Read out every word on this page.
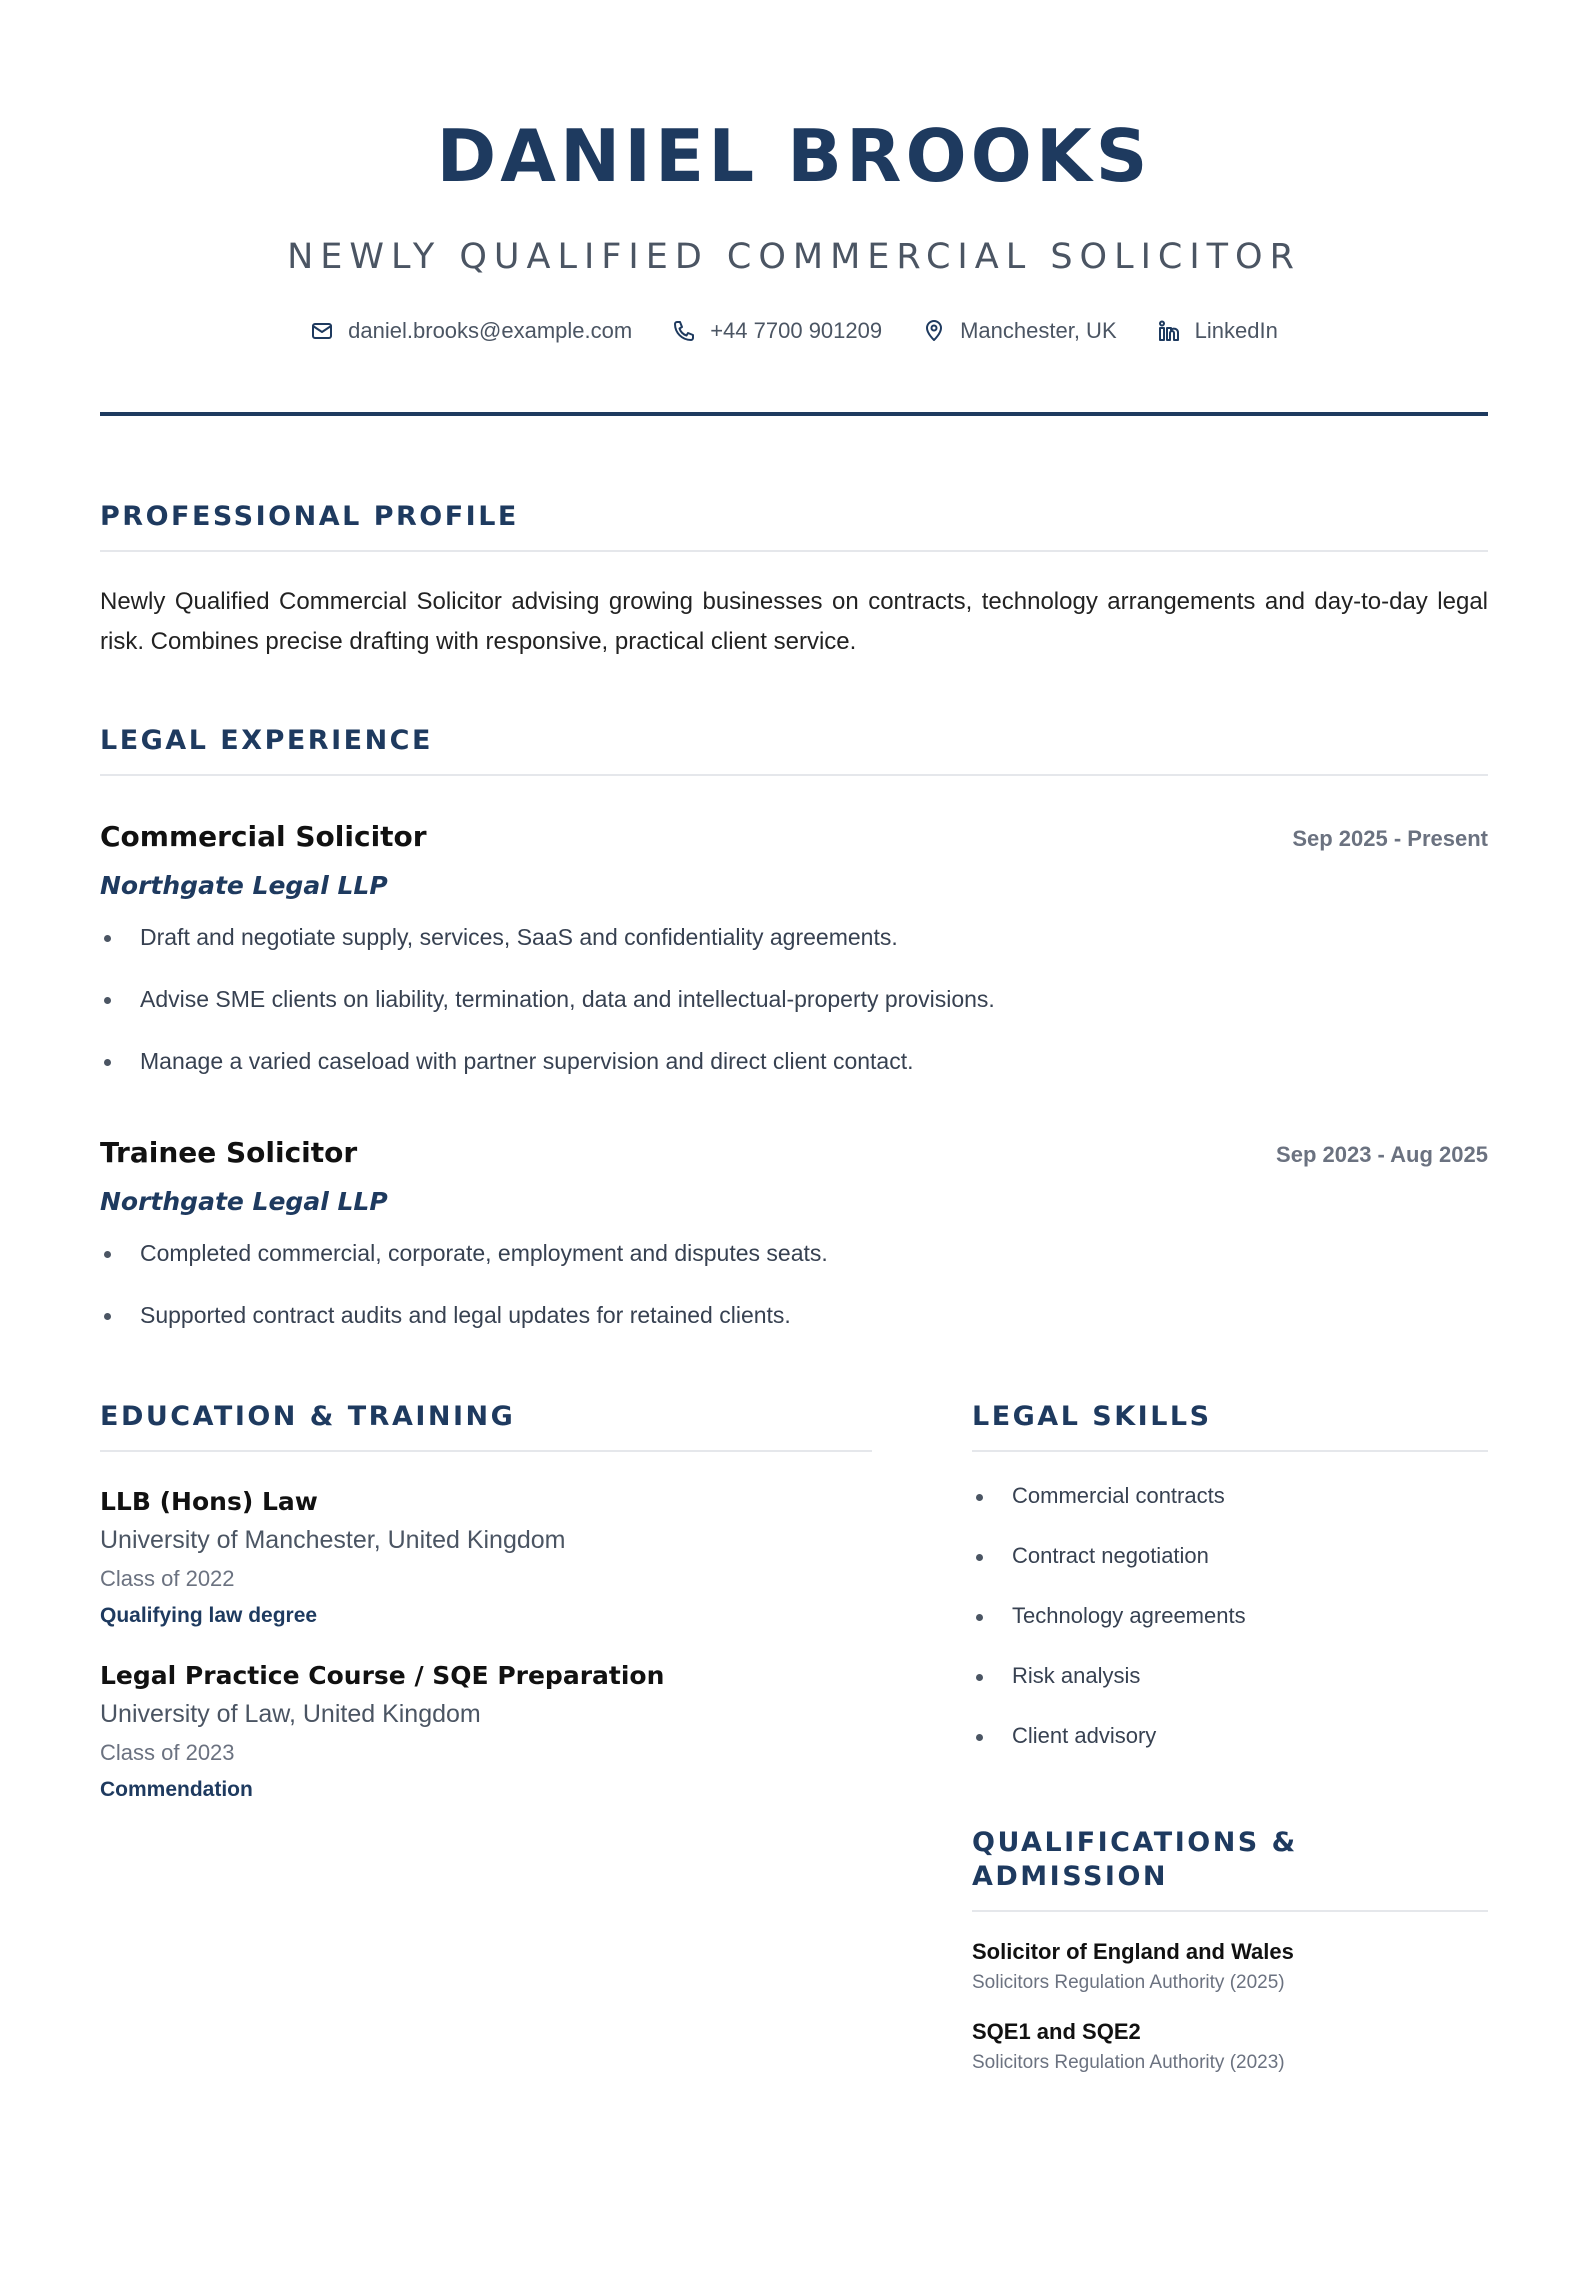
DANIEL BROOKS
NEWLY QUALIFIED COMMERCIAL SOLICITOR
daniel.brooks@example.com	+44 7700 901209	Manchester, UK	LinkedIn
PROFESSIONAL PROFILE

Newly Qualified Commercial Solicitor advising growing businesses on contracts, technology arrangements and day-to-day legal risk. Combines precise drafting with responsive, practical client service.

LEGAL EXPERIENCE
Commercial Solicitor	Sep 2025 - Present
Northgate Legal LLP
Draft and negotiate supply, services, SaaS and confidentiality agreements.
Advise SME clients on liability, termination, data and intellectual-property provisions.
Manage a varied caseload with partner supervision and direct client contact.
Trainee Solicitor	Sep 2023 - Aug 2025
Northgate Legal LLP
Completed commercial, corporate, employment and disputes seats.
Supported contract audits and legal updates for retained clients.
EDUCATION & TRAINING
LLB (Hons) Law
University of Manchester, United Kingdom
Class of 2022
Qualifying law degree
Legal Practice Course / SQE Preparation
University of Law, United Kingdom
Class of 2023
Commendation
LEGAL SKILLS
Commercial contracts
Contract negotiation
Technology agreements
Risk analysis
Client advisory
QUALIFICATIONS & ADMISSION
Solicitor of England and Wales
Solicitors Regulation Authority (2025)
SQE1 and SQE2
Solicitors Regulation Authority (2023)
